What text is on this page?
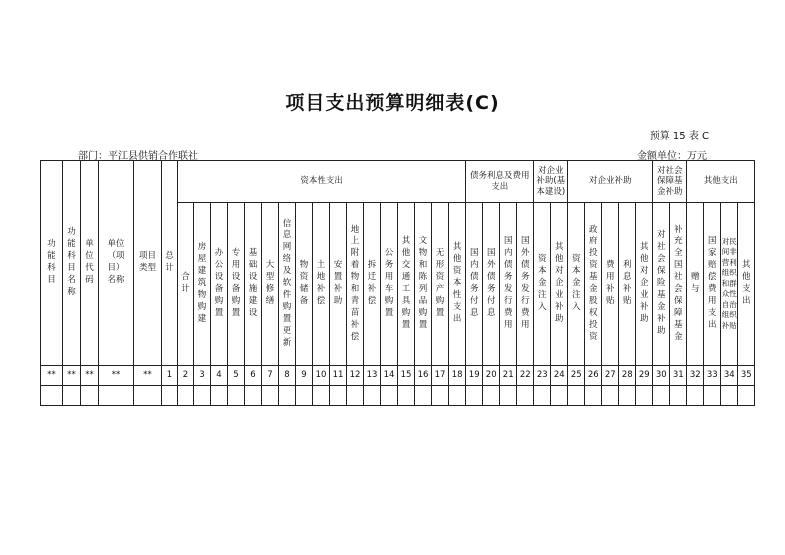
项目支出预算明细表(C)
预算 15 表 C
部门：平江县供销合作联社	金额单位：万元
功能科目	功能科目名称	单位代码	单位（项目）名称	项目类型	总计	资本性支出																	债务利息及费用支出				对企业补助(基本建设)		对企业补助					对社会保障基金补助		其他支出			

						合计	房屋建筑物购建	办公设备购置	专用设备购置	基础设施建设	大型修缮	信息网络及软件购置更新	物资储备	土地补偿	安置补助	地上附着物和青苗补偿	拆迁补偿	公务用车购置	其他交通工具购置	文物和陈列品购置	无形资产购置	其他资本性支出	国内债务付息	国外债务付息	国内债务发行费用	国外债务发行费用	资本金注入	其他对企业补助	资本金注入	政府投资基金股权投资	费用补贴	利息补贴	其他对企业补助	对社会保险基金补助	补充全国社会保障基金	赠与	国家赔偿费用支出	对民间非营利组织和群众性自治组织补贴	其他支出

**	**	**	**	**	1	2	3	4	5	6	7	8	9	10	11	12	13	14	15	16	17	18	19	20	21	22	23	24	25	26	27	28	29	30	31	32	33	34	35
